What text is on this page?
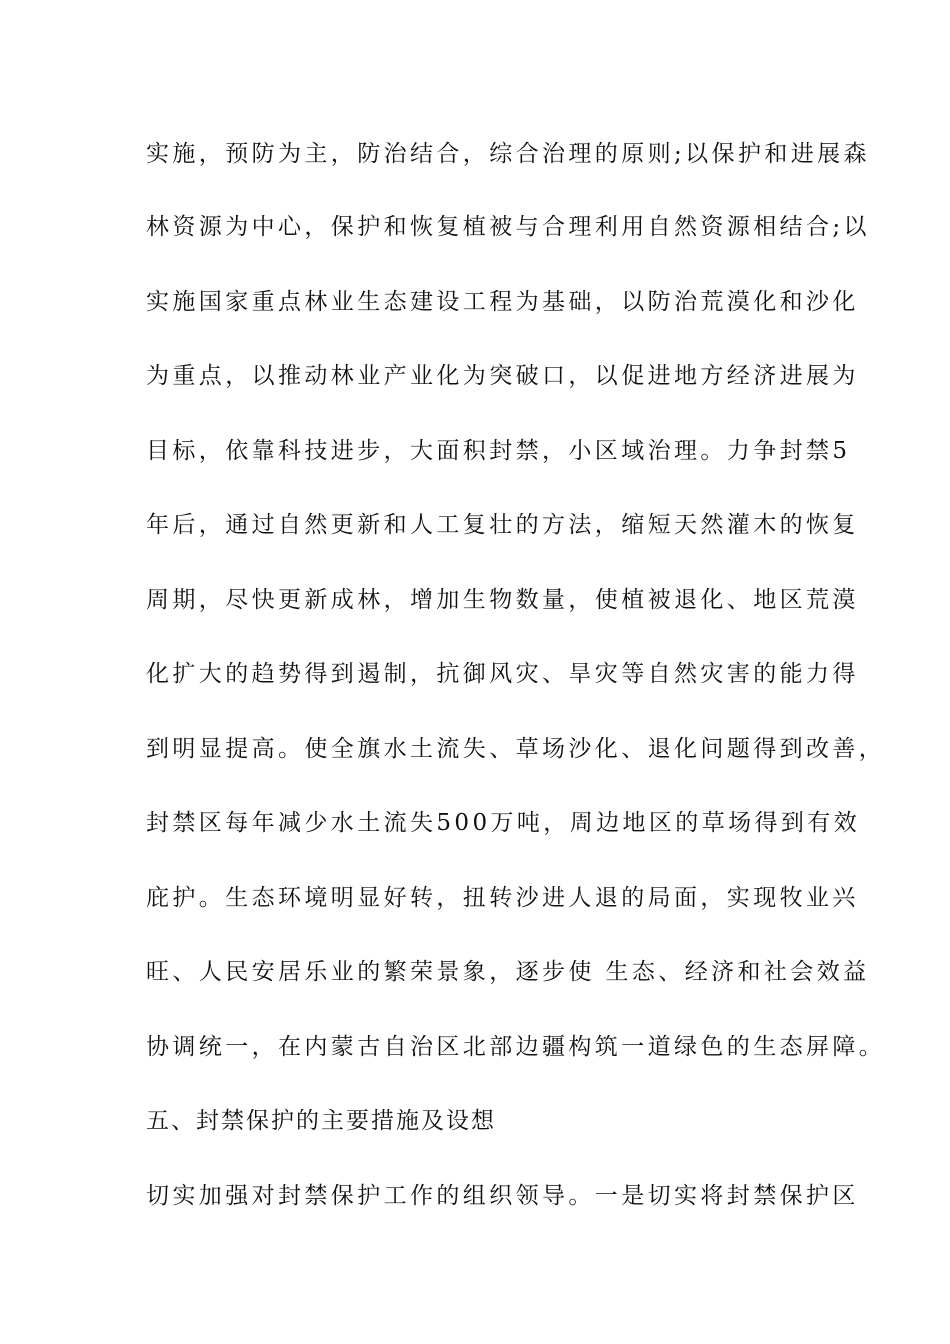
实施，预防为主，防治结合，综合治理的原则;以保护和进展森
林资源为中心，保护和恢复植被与合理利用自然资源相结合;以
实施国家重点林业生态建设工程为基础，以防治荒漠化和沙化
为重点，以推动林业产业化为突破口，以促进地方经济进展为
目标，依靠科技进步，大面积封禁，小区域治理。力争封禁5
年后，通过自然更新和人工复壮的方法，缩短天然灌木的恢复
周期，尽快更新成林，增加生物数量，使植被退化、地区荒漠
化扩大的趋势得到遏制，抗御风灾、旱灾等自然灾害的能力得
到明显提高。使全旗水土流失、草场沙化、退化问题得到改善，
封禁区每年减少水土流失500万吨，周边地区的草场得到有效
庇护。生态环境明显好转，扭转沙进人退的局面，实现牧业兴
旺、人民安居乐业的繁荣景象，逐步使 生态、经济和社会效益
协调统一，在内蒙古自治区北部边疆构筑一道绿色的生态屏障。
五、封禁保护的主要措施及设想
切实加强对封禁保护工作的组织领导。一是切实将封禁保护区
